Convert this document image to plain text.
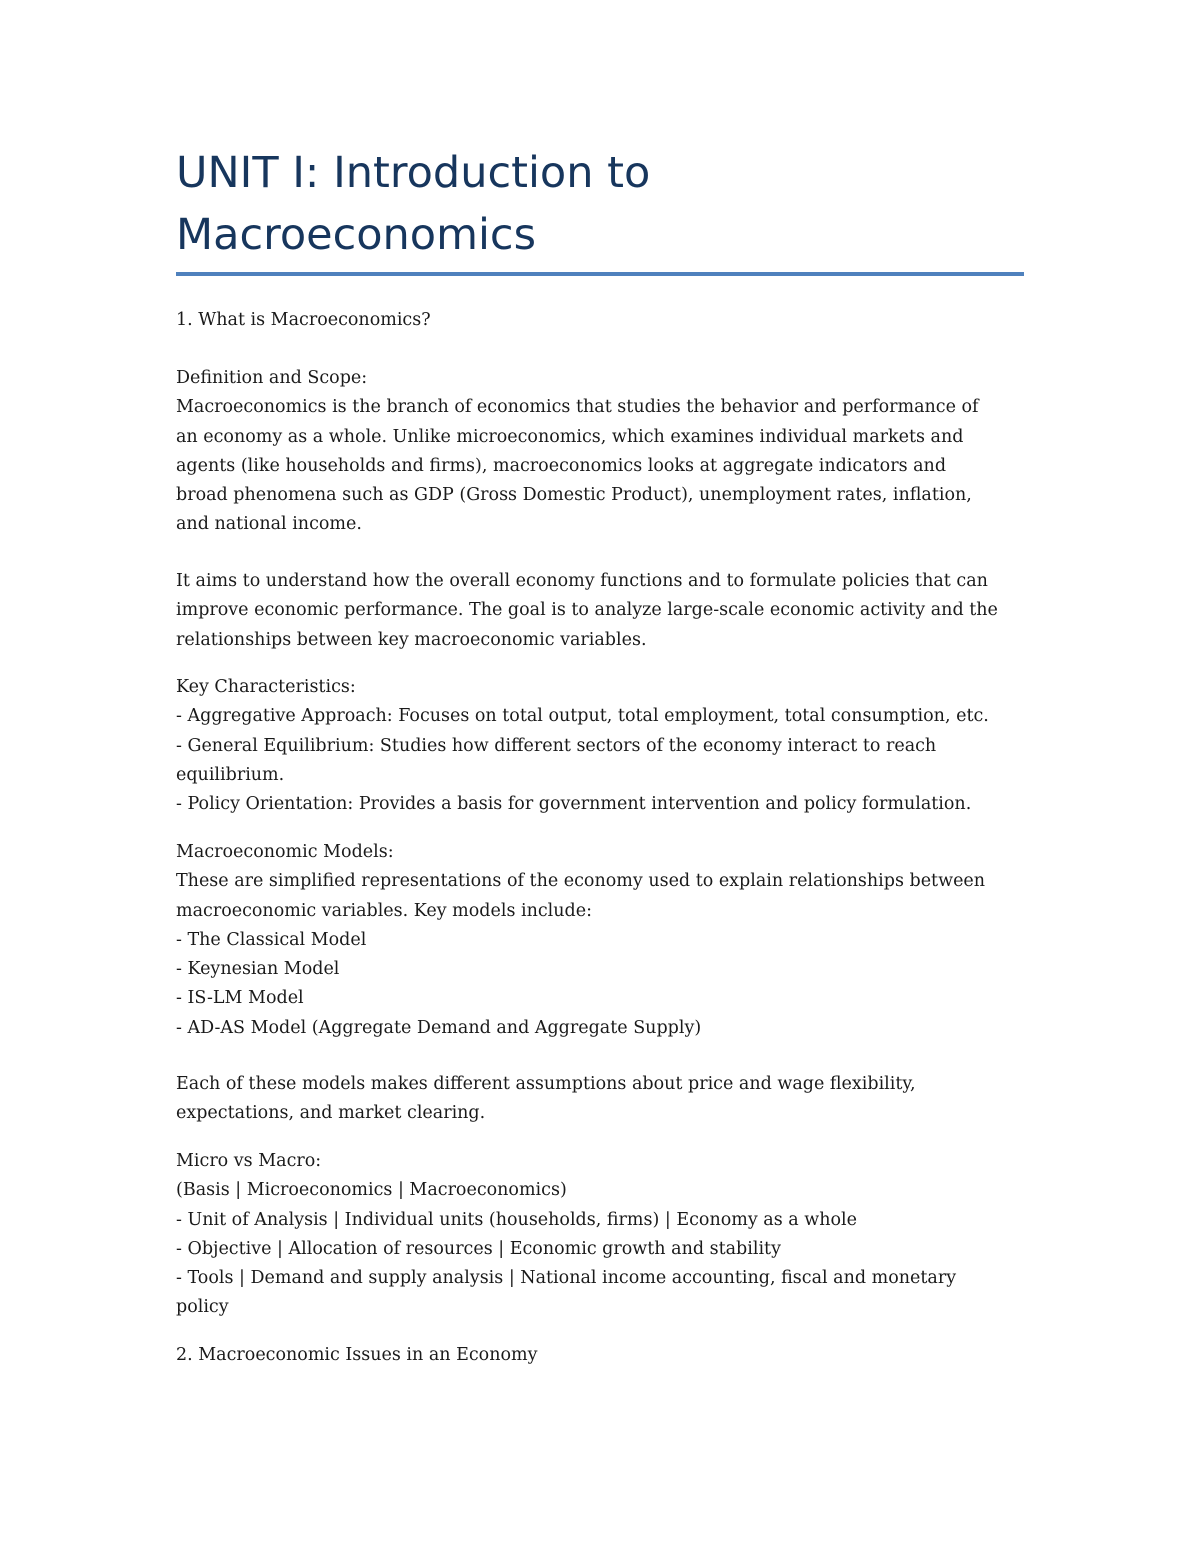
UNIT I: Introduction to
Macroeconomics
1. What is Macroeconomics?
Definition and Scope:
Macroeconomics is the branch of economics that studies the behavior and performance of
an economy as a whole. Unlike microeconomics, which examines individual markets and
agents (like households and firms), macroeconomics looks at aggregate indicators and
broad phenomena such as GDP (Gross Domestic Product), unemployment rates, inflation,
and national income.
It aims to understand how the overall economy functions and to formulate policies that can
improve economic performance. The goal is to analyze large-scale economic activity and the
relationships between key macroeconomic variables.
Key Characteristics:
- Aggregative Approach: Focuses on total output, total employment, total consumption, etc.
- General Equilibrium: Studies how different sectors of the economy interact to reach
equilibrium.
- Policy Orientation: Provides a basis for government intervention and policy formulation.
Macroeconomic Models:
These are simplified representations of the economy used to explain relationships between
macroeconomic variables. Key models include:
- The Classical Model
- Keynesian Model
- IS-LM Model
- AD-AS Model (Aggregate Demand and Aggregate Supply)
Each of these models makes different assumptions about price and wage flexibility,
expectations, and market clearing.
Micro vs Macro:
(Basis | Microeconomics | Macroeconomics)
- Unit of Analysis | Individual units (households, firms) | Economy as a whole
- Objective | Allocation of resources | Economic growth and stability
- Tools | Demand and supply analysis | National income accounting, fiscal and monetary
policy
2. Macroeconomic Issues in an Economy
